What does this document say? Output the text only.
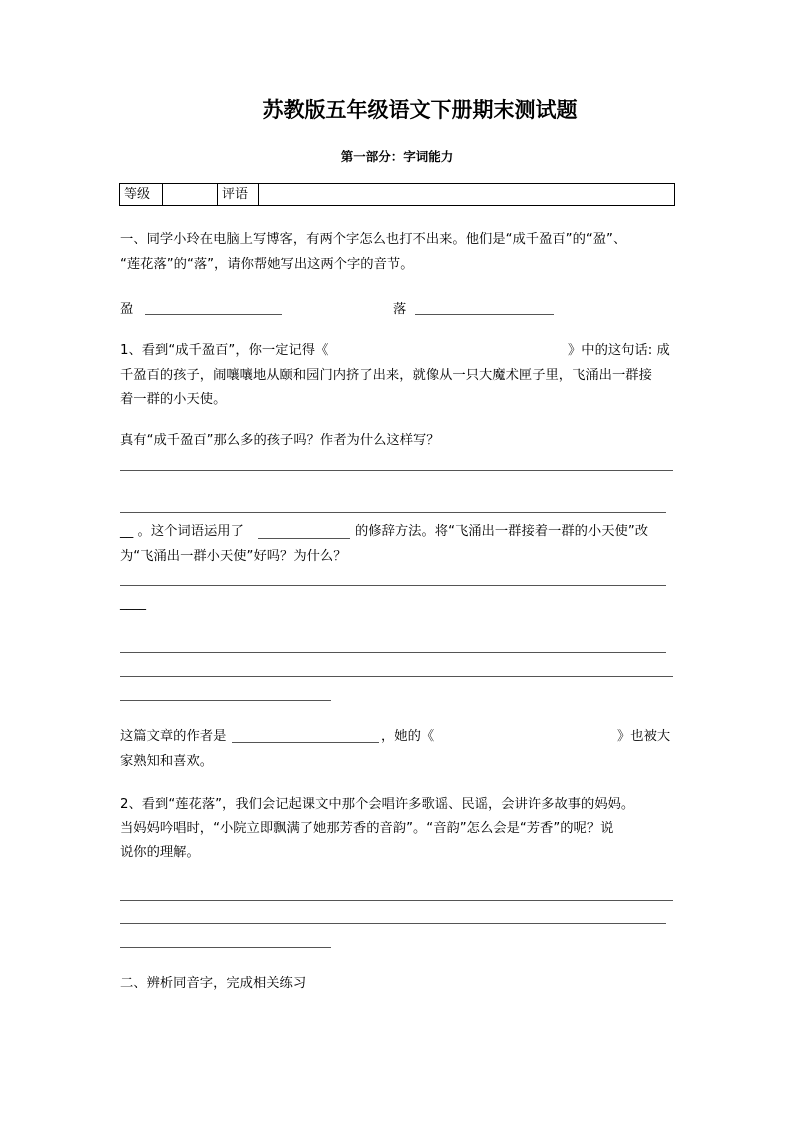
苏教版五年级语文下册期末测试题
第一部分：字词能力
等级		评语	
一、同学小玲在电脑上写博客，有两个字怎么也打不出来。他们是“成千盈百”的“盈”、
“莲花落”的“落”，请你帮她写出这两个字的音节。
盈	落
1、看到“成千盈百”，你一定记得《	》中的这句话: 成
千盈百的孩子，闹嚷嚷地从颐和园门内挤了出来，就像从一只大魔术匣子里，飞涌出一群接
着一群的小天使。
真有“成千盈百”那么多的孩子吗？作者为什么这样写？
__ 。这个词语运用了	的修辞方法。将“飞涌出一群接着一群的小天使”改
为“飞涌出一群小天使”好吗？为什么？
____
这篇文章的作者是	，她的《	》也被大
家熟知和喜欢。
2、看到“莲花落”，我们会记起课文中那个会唱许多歌谣、民谣，会讲许多故事的妈妈。
当妈妈吟唱时，“小院立即飘满了她那芳香的音韵”。“音韵”怎么会是“芳香”的呢？说
说你的理解。
二、辨析同音字，完成相关练习
